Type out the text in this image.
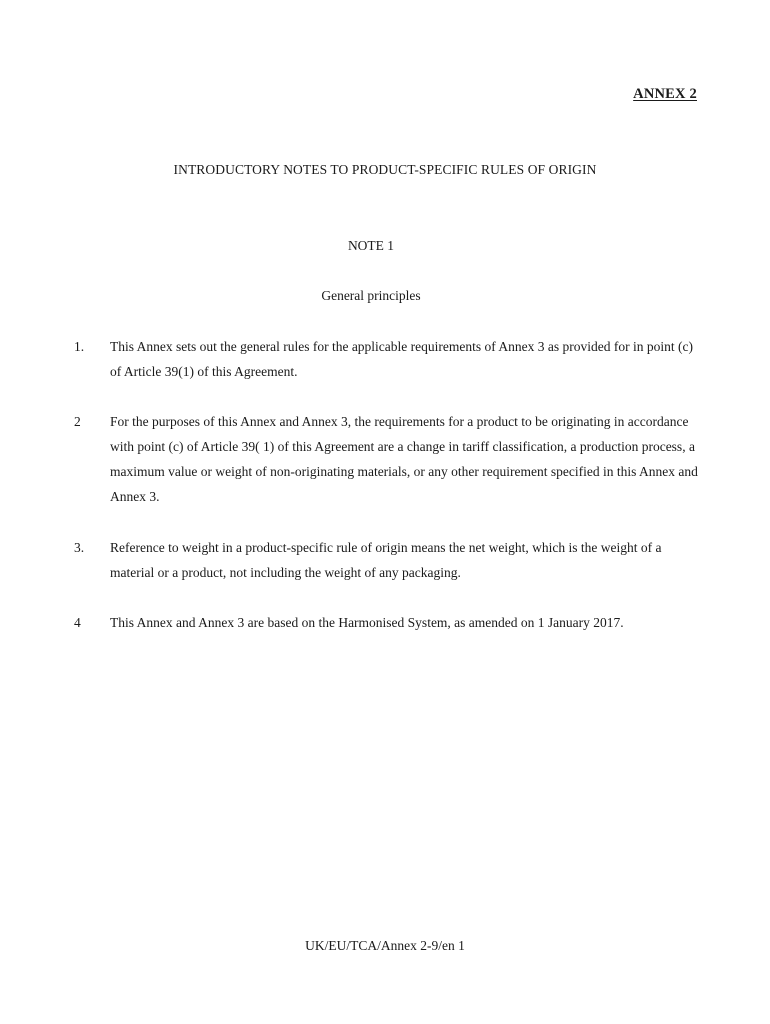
ANNEX 2
INTRODUCTORY NOTES TO PRODUCT-SPECIFIC RULES OF ORIGIN
NOTE 1
General principles
1.	This Annex sets out the general rules for the applicable requirements of Annex 3 as provided for in point (c) of Article 39(1) of this Agreement.
2	For the purposes of this Annex and Annex 3, the requirements for a product to be originating in accordance with point (c) of Article 39( 1) of this Agreement are a change in tariff classification, a production process, a maximum value or weight of non-originating materials, or any other requirement specified in this Annex and Annex 3.
3.	Reference to weight in a product-specific rule of origin means the net weight, which is the weight of a material or a product, not including the weight of any packaging.
4	This Annex and Annex 3 are based on the Harmonised System, as amended on 1 January 2017.
UK/EU/TCA/Annex 2-9/en 1
